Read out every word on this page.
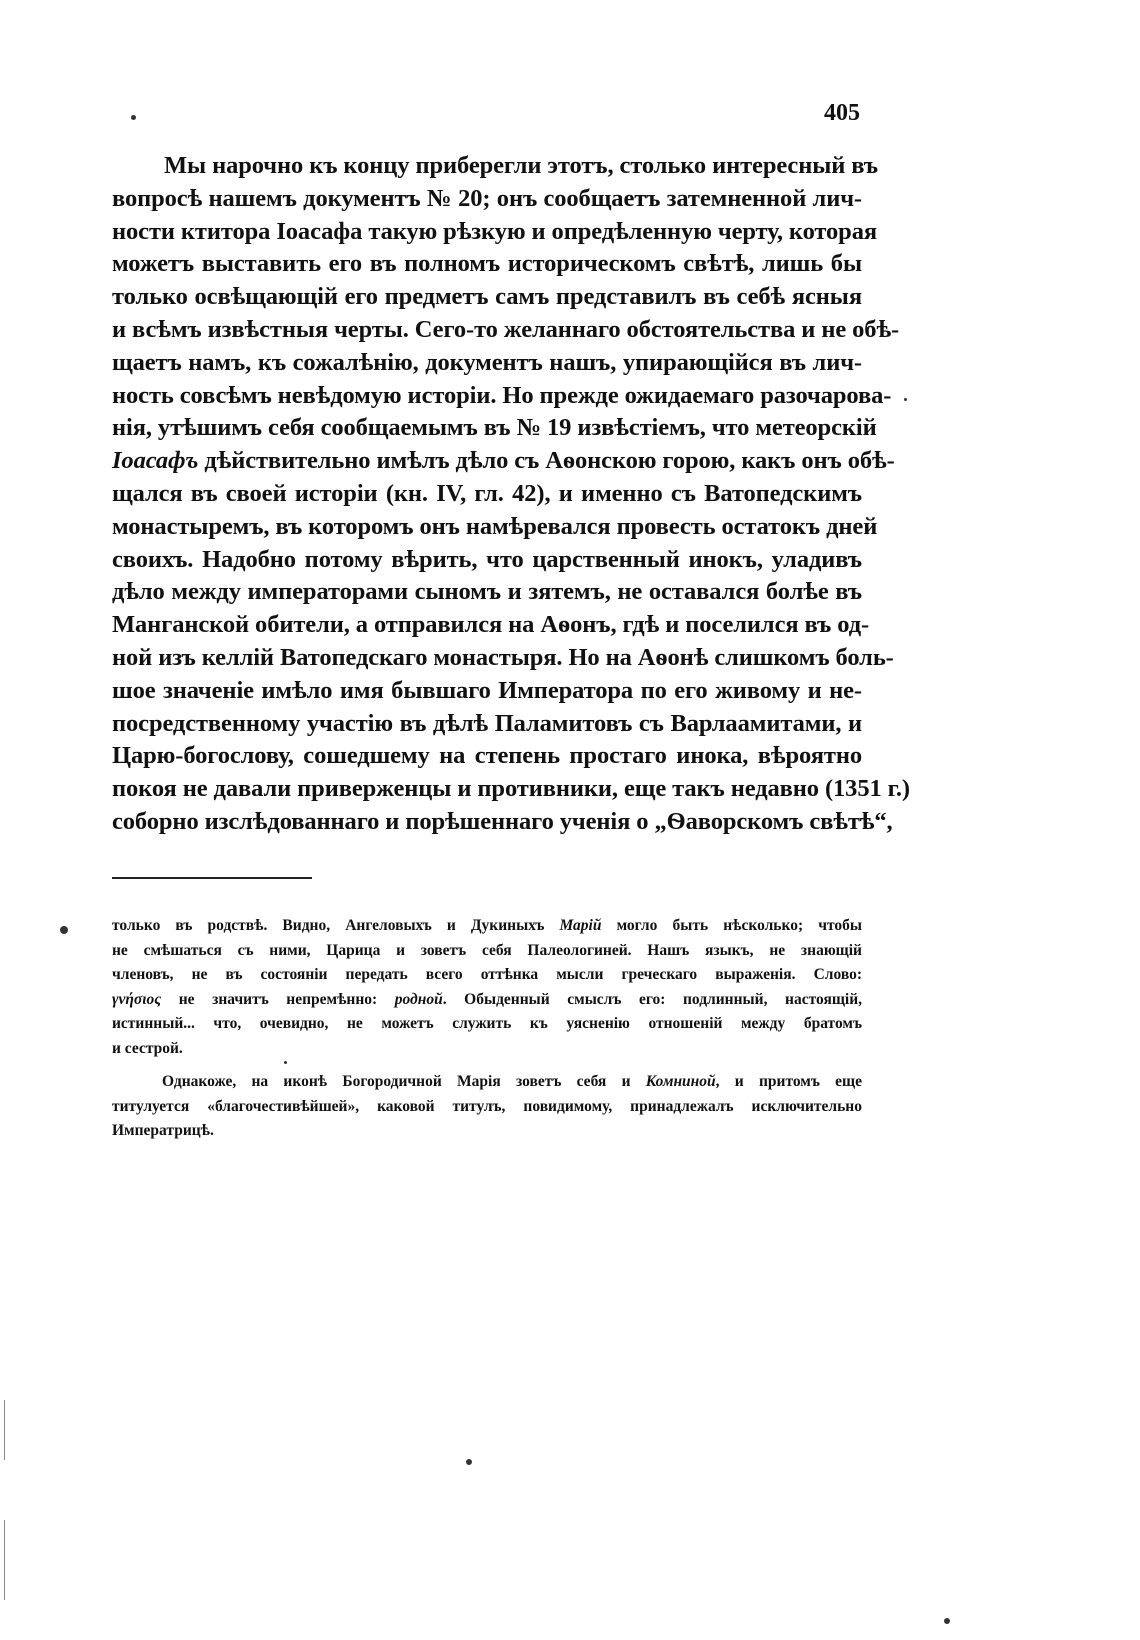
405
Мы нарочно къ концу приберегли этотъ, столько интересный въ
вопросѣ нашемъ документъ № 20; онъ сообщаетъ затемненной лич-
ности ктитора Іоасафа такую рѣзкую и опредѣленную черту, которая
можетъ выставить его въ полномъ историческомъ свѣтѣ, лишь бы
только освѣщающій его предметъ самъ представилъ въ себѣ ясныя
и всѣмъ извѣстныя черты. Сего-то желаннаго обстоятельства и не обѣ-
щаетъ намъ, къ сожалѣнію, документъ нашъ, упирающійся въ лич-
ность совсѣмъ невѣдомую исторіи. Но прежде ожидаемаго разочарова-
нія, утѣшимъ себя сообщаемымъ въ № 19 извѣстіемъ, что метеорскій
Іоасафъ дѣйствительно имѣлъ дѣло съ Аѳонскою горою, какъ онъ обѣ-
щался въ своей исторіи (кн. IV, гл. 42), и именно съ Ватопедскимъ
монастыремъ, въ которомъ онъ намѣревался провесть остатокъ дней
своихъ. Надобно потому вѣрить, что царственный инокъ, уладивъ
дѣло между императорами сыномъ и зятемъ, не оставался болѣе въ
Манганской обители, а отправился на Аѳонъ, гдѣ и поселился въ од-
ной изъ келлій Ватопедскаго монастыря. Но на Аѳонѣ слишкомъ боль-
шое значеніе имѣло имя бывшаго Императора по его живому и не-
посредственному участію въ дѣлѣ Паламитовъ съ Варлаамитами, и
Царю-богослову, сошедшему на степень простаго инока, вѣроятно
покоя не давали приверженцы и противники, еще такъ недавно (1351 г.)
соборно изслѣдованнаго и порѣшеннаго ученія о „Ѳаворскомъ свѣтѣ“,
только въ родствѣ. Видно, Ангеловыхъ и Дукиныхъ Марій могло быть нѣсколько; чтобы
не смѣшаться съ ними, Царица и зоветъ себя Палеологиней. Нашъ языкъ, не знающій
членовъ, не въ состояніи передать всего оттѣнка мысли греческаго выраженія. Слово:
γνήσιος не значитъ непремѣнно: родной. Обыденный смыслъ его: подлинный, настоящій,
истинный... что, очевидно, не можетъ служить къ уясненію отношеній между братомъ
и сестрой.
Однакоже, на иконѣ Богородичной Марія зоветъ себя и Комниной, и притомъ еще
титулуется «благочестивѣйшей», каковой титулъ, повидимому, принадлежалъ исключительно
Императрицѣ.
